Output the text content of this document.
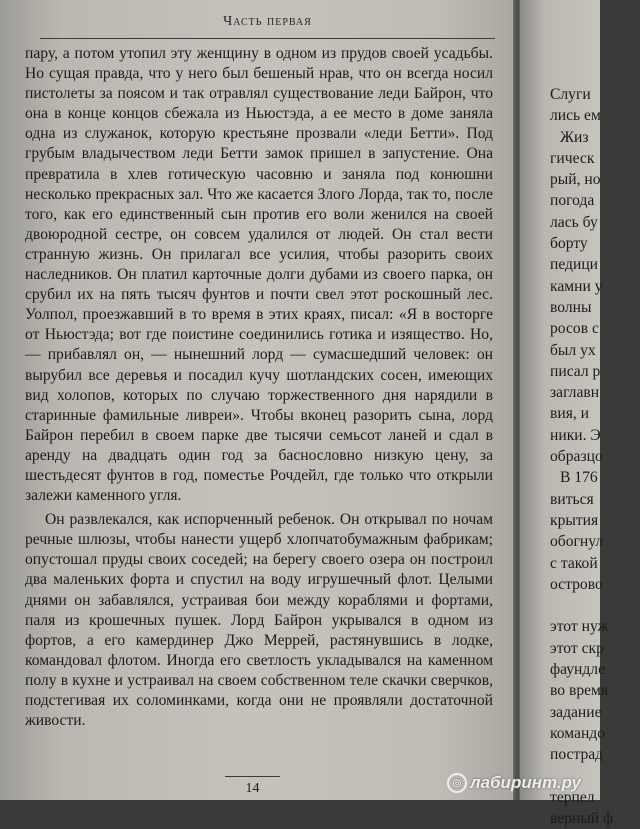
Часть первая

пару, а потом утопил эту женщину в одном из прудов своей усадьбы. Но сущая правда, что у него был бешеный нрав, что он всегда носил пистолеты за поясом и так отравлял существование леди Байрон, что она в конце концов сбежала из Ньюстэда, а ее место в доме заняла одна из служанок, которую крестьяне прозвали «леди Бетти». Под грубым владычеством леди Бетти замок пришел в запустение. Она превратила в хлев готическую часовню и заняла под конюшни несколько прекрасных зал. Что же касается Злого Лорда, так то, после того, как его единственный сын против его воли женился на своей двоюродной сестре, он совсем удалился от людей. Он стал вести странную жизнь. Он прилагал все усилия, чтобы разорить своих наследников. Он платил карточные долги дубами из своего парка, он срубил их на пять тысяч фунтов и почти свел этот роскошный лес. Уолпол, проезжавший в то время в этих краях, писал: «Я в восторге от Ньюстэда; вот где поистине соединились готика и изящество. Но, — прибавлял он, — нынешний лорд — сумасшедший человек: он вырубил все деревья и посадил кучу шотландских сосен, имеющих вид холопов, которых по случаю торжественного дня нарядили в старинные фамильные ливреи». Чтобы вконец разорить сына, лорд Байрон перебил в своем парке две тысячи семьсот ланей и сдал в аренду на двадцать один год за баснословно низкую цену, за шестьдесят фунтов в год, поместье Рочдейл, где только что открыли залежи каменного угля.

Он развлекался, как испорченный ребенок. Он открывал по ночам речные шлюзы, чтобы нанести ущерб хлопчатобумажным фабрикам; опустошал пруды своих соседей; на берегу своего озера он построил два маленьких форта и спустил на воду игрушечный флот. Целыми днями он забавлялся, устраивая бои между кораблями и фортами, паля из крошечных пушек. Лорд Байрон укрывался в одном из фортов, а его камердинер Джо Меррей, растянувшись в лодке, командовал флотом. Иногда его светлость укладывался на каменном полу в кухне и устраивал на своем собственном теле скачки сверчков, подстегивая их соломинками, когда они не проявляли достаточной живости.

14
Слуги
лись ем
Жиз
гическ
рый, но
погода
лась бу
борту
педици
камни у
волны
росов с
был ух
писал р
заглавн
вия, и
ники. Э
образцо
В 176
виться
крытия
обогнул
с такой
острово
этот нуж
этот скр
фаундле
во время
задание
командо
пострад
терпел
верный ф
◎ лабиринт.ру
